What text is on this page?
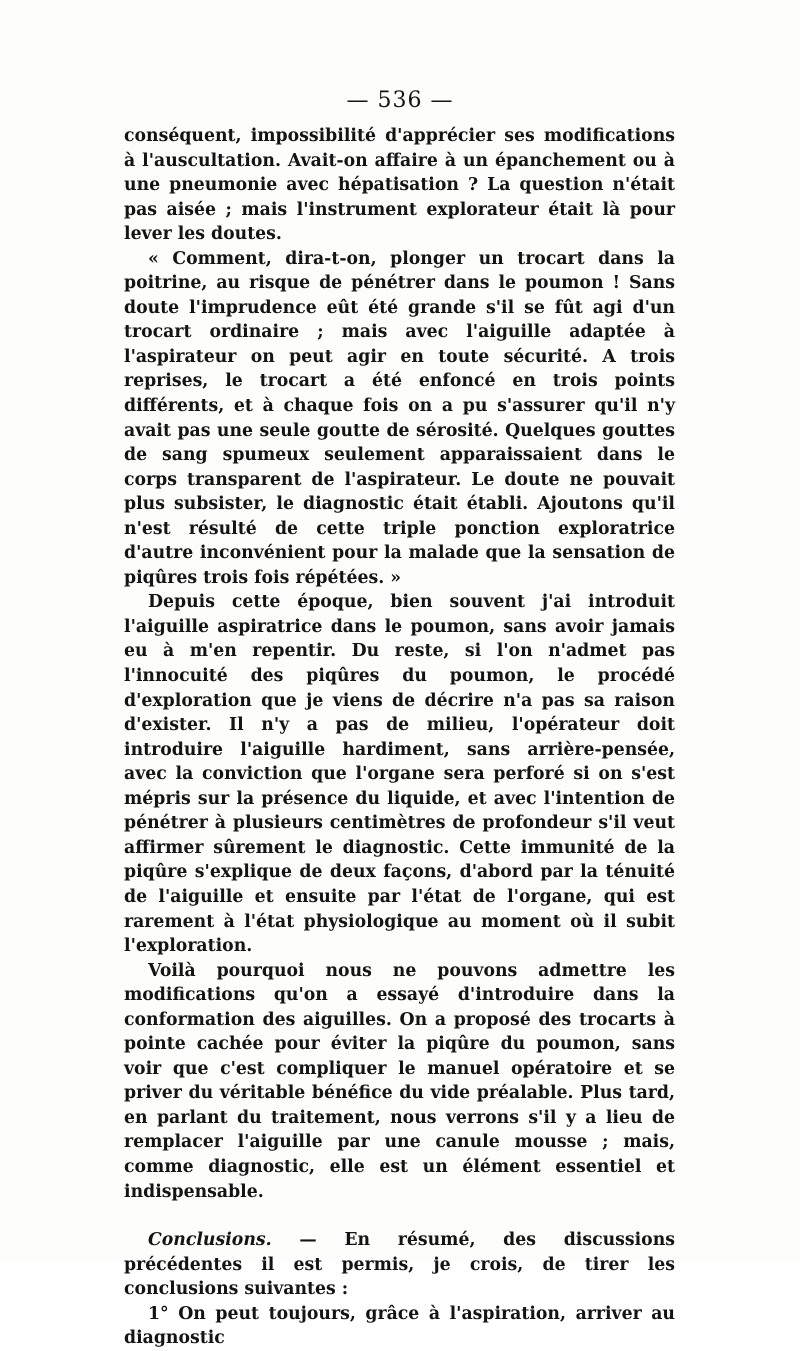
— 536 —

conséquent, impossibilité d'apprécier ses modifications à l'auscultation. Avait-on affaire à un épanchement ou à une pneumonie avec hépatisation ? La question n'était pas aisée ; mais l'instrument explorateur était là pour lever les doutes.

« Comment, dira-t-on, plonger un trocart dans la poitrine, au risque de pénétrer dans le poumon ! Sans doute l'imprudence eût été grande s'il se fût agi d'un trocart ordinaire ; mais avec l'aiguille adaptée à l'aspirateur on peut agir en toute sécurité. A trois reprises, le trocart a été enfoncé en trois points différents, et à chaque fois on a pu s'assurer qu'il n'y avait pas une seule goutte de sérosité. Quelques gouttes de sang spumeux seulement apparaissaient dans le corps transparent de l'aspirateur. Le doute ne pouvait plus subsister, le diagnostic était établi. Ajoutons qu'il n'est résulté de cette triple ponction exploratrice d'autre inconvénient pour la malade que la sensation de piqûres trois fois répétées. »

Depuis cette époque, bien souvent j'ai introduit l'aiguille aspiratrice dans le poumon, sans avoir jamais eu à m'en repentir. Du reste, si l'on n'admet pas l'innocuité des piqûres du poumon, le procédé d'exploration que je viens de décrire n'a pas sa raison d'exister. Il n'y a pas de milieu, l'opérateur doit introduire l'aiguille hardiment, sans arrière-pensée, avec la conviction que l'organe sera perforé si on s'est mépris sur la présence du liquide, et avec l'intention de pénétrer à plusieurs centimètres de profondeur s'il veut affirmer sûrement le diagnostic. Cette immunité de la piqûre s'explique de deux façons, d'abord par la ténuité de l'aiguille et ensuite par l'état de l'organe, qui est rarement à l'état physiologique au moment où il subit l'exploration.

Voilà pourquoi nous ne pouvons admettre les modifications qu'on a essayé d'introduire dans la conformation des aiguilles. On a proposé des trocarts à pointe cachée pour éviter la piqûre du poumon, sans voir que c'est compliquer le manuel opératoire et se priver du véritable bénéfice du vide préalable. Plus tard, en parlant du traitement, nous verrons s'il y a lieu de remplacer l'aiguille par une canule mousse ; mais, comme diagnostic, elle est un élément essentiel et indispensable.

Conclusions. — En résumé, des discussions précédentes il est permis, je crois, de tirer les conclusions suivantes :

1° On peut toujours, grâce à l'aspiration, arriver au diagnostic
